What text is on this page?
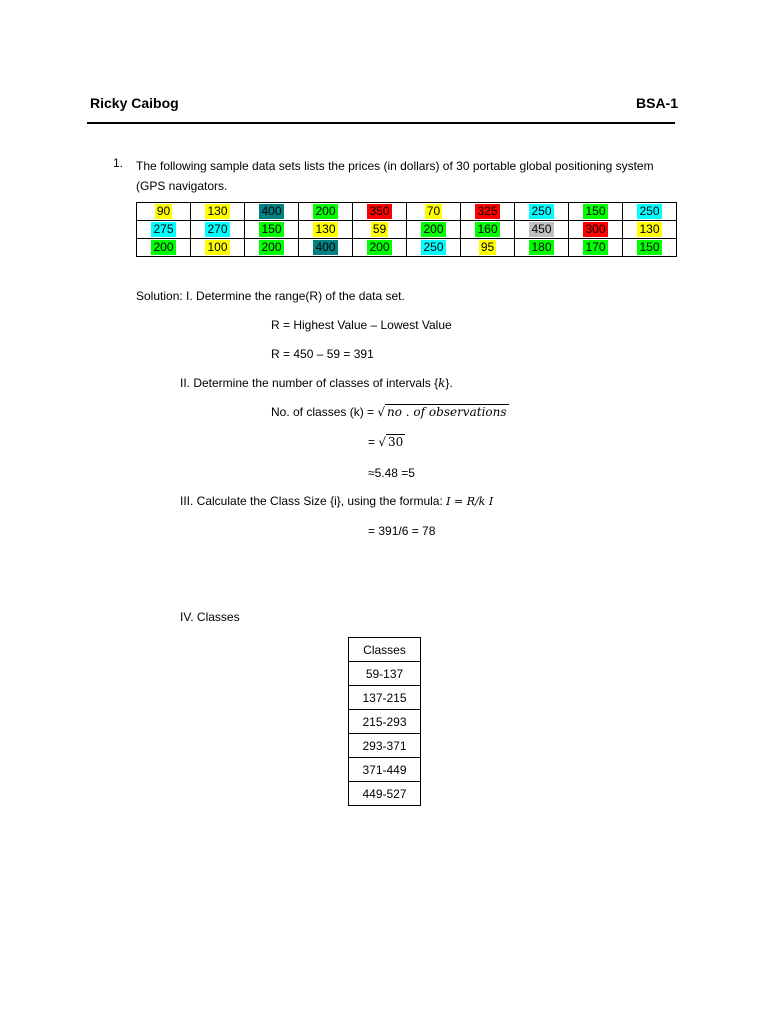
Ricky Caibog	BSA-1
1. The following sample data sets lists the prices (in dollars) of 30 portable global positioning system (GPS navigators.
90	130	400	200	350	70	325	250	150	250
275	270	150	130	59	200	160	450	300	130
200	100	200	400	200	250	95	180	170	150
Solution: I. Determine the range(R) of the data set.
R = Highest Value – Lowest Value
R = 450 – 59 = 391
II. Determine the number of classes of intervals {k}.
No. of classes (k) = √ no . of observations
= √ 30
≈5.48 =5
III. Calculate the Class Size {i}, using the formula: I = R/k I
= 391/6 = 78
IV. Classes
Classes
59-137
137-215
215-293
293-371
371-449
449-527
